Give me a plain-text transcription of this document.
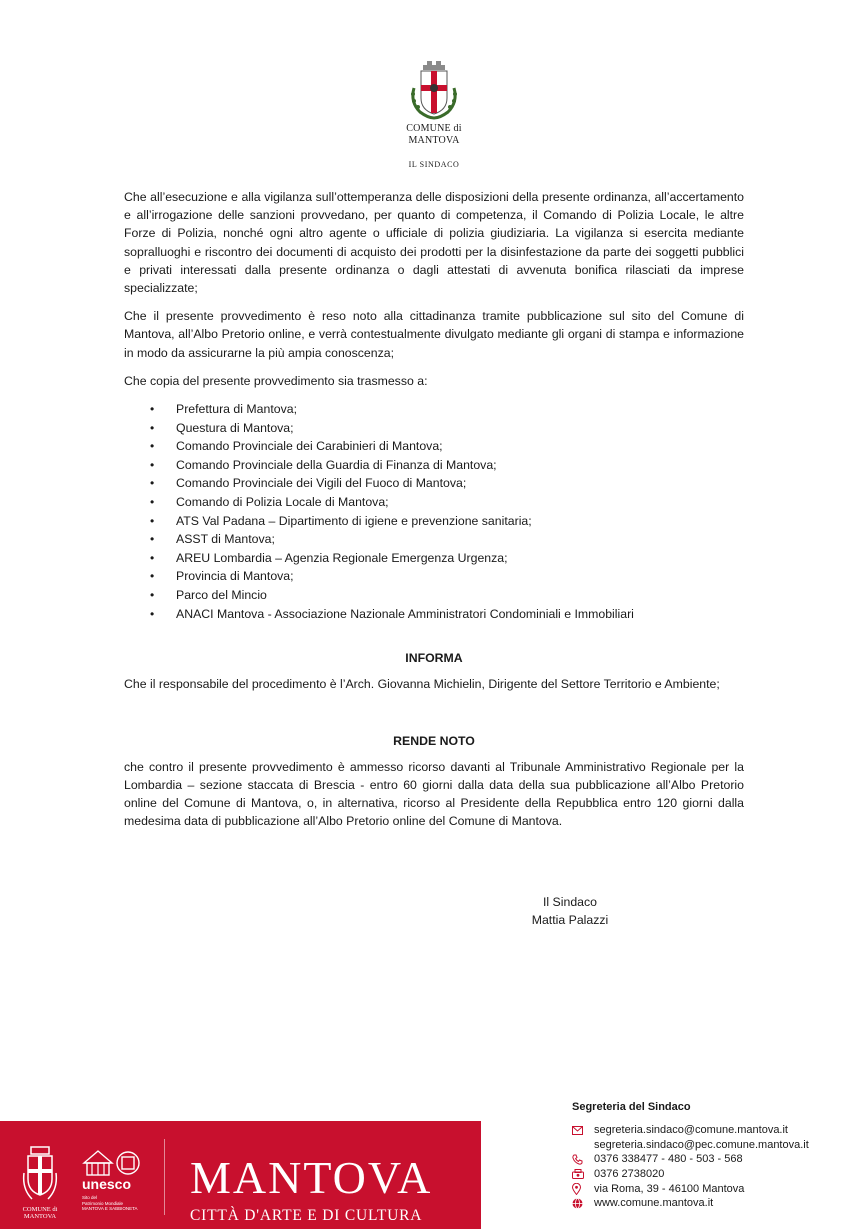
COMUNE di
MANTOVA
IL SINDACO

Che all’esecuzione e alla vigilanza sull’ottemperanza delle disposizioni della presente ordinanza, all’accertamento e all’irrogazione delle sanzioni provvedano, per quanto di competenza, il Comando di Polizia Locale, le altre Forze di Polizia, nonché ogni altro agente o ufficiale di polizia giudiziaria. La vigilanza si esercita mediante sopralluoghi e riscontro dei documenti di acquisto dei prodotti per la disinfestazione da parte dei soggetti pubblici e privati interessati dalla presente ordinanza o dagli attestati di avvenuta bonifica rilasciati da imprese specializzate;

Che il presente provvedimento è reso noto alla cittadinanza tramite pubblicazione sul sito del Comune di Mantova, all’Albo Pretorio online, e verrà contestualmente divulgato mediante gli organi di stampa e informazione in modo da assicurarne la più ampia conoscenza;

Che copia del presente provvedimento sia trasmesso a:

• Prefettura di Mantova;
• Questura di Mantova;
• Comando Provinciale dei Carabinieri di Mantova;
• Comando Provinciale della Guardia di Finanza di Mantova;
• Comando Provinciale dei Vigili del Fuoco di Mantova;
• Comando di Polizia Locale di Mantova;
• ATS Val Padana – Dipartimento di igiene e prevenzione sanitaria;
• ASST di Mantova;
• AREU Lombardia – Agenzia Regionale Emergenza Urgenza;
• Provincia di Mantova;
• Parco del Mincio
• ANACI Mantova - Associazione Nazionale Amministratori Condominiali e Immobiliari
INFORMA

Che il responsabile del procedimento è l’Arch. Giovanna Michielin, Dirigente del Settore Territorio e Ambiente;

RENDE NOTO

che contro il presente provvedimento è ammesso ricorso davanti al Tribunale Amministrativo Regionale per la Lombardia – sezione staccata di Brescia - entro 60 giorni dalla data della sua pubblicazione all’Albo Pretorio online del Comune di Mantova, o, in alternativa, ricorso al Presidente della Repubblica entro 120 giorni dalla medesima data di pubblicazione all’Albo Pretorio online del Comune di Mantova.

Il Sindaco
Mattia Palazzi
COMUNE di
MANTOVA
unesco
Sito del
Patrimonio Mondiale
MANTOVA E SABBIONETA
MANTOVA
CITTÀ D'ARTE E DI CULTURA
Segreteria del Sindaco
segreteria.sindaco@comune.mantova.it
segreteria.sindaco@pec.comune.mantova.it
0376 338477 - 480 - 503 - 568
0376 2738020
via Roma, 39 - 46100 Mantova
www.comune.mantova.it
